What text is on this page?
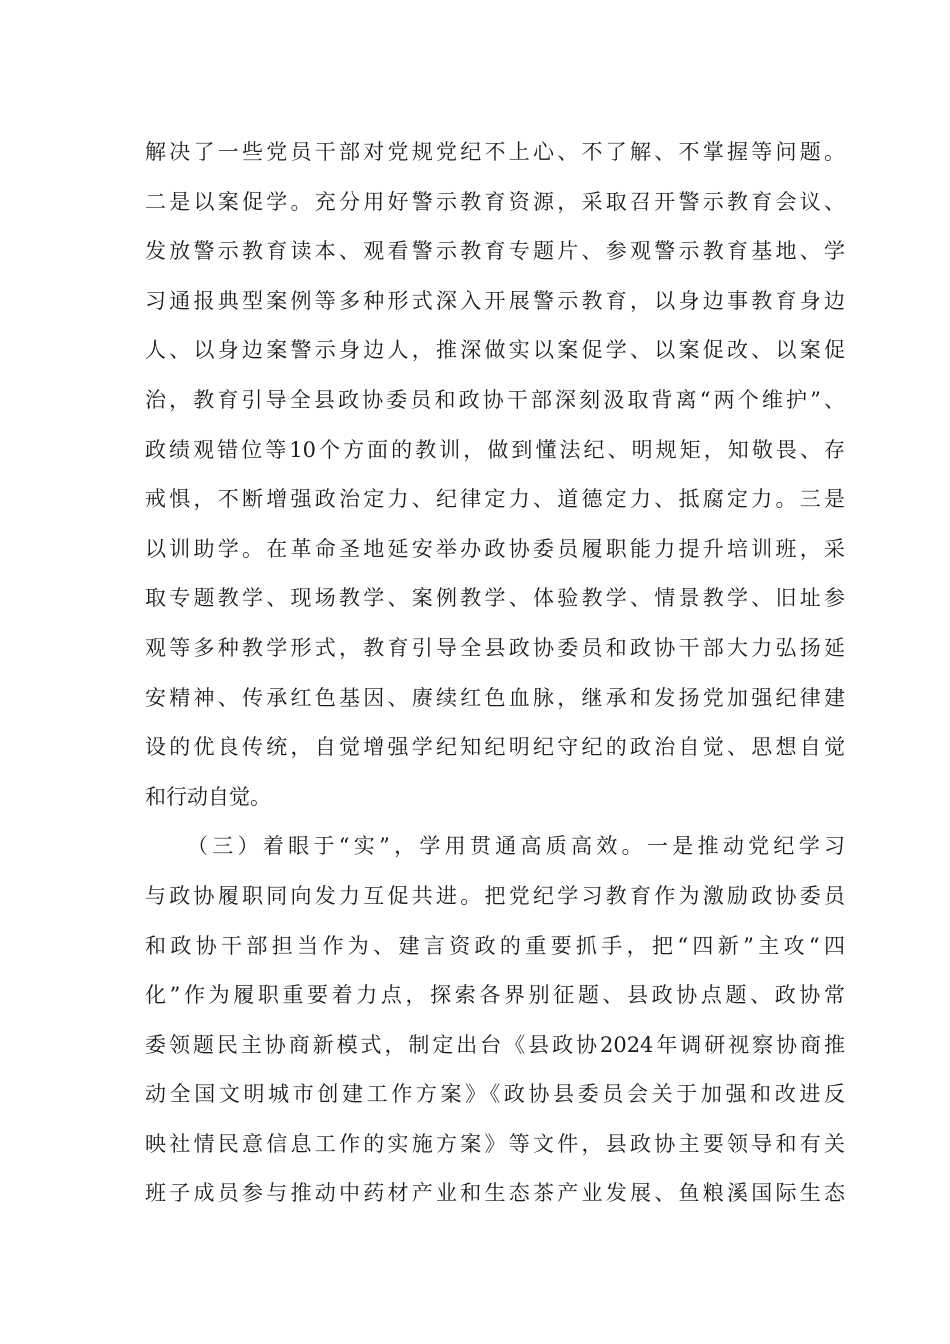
解决了一些党员干部对党规党纪不上心、不了解、不掌握等问题。
二是以案促学。充分用好警示教育资源，采取召开警示教育会议、
发放警示教育读本、观看警示教育专题片、参观警示教育基地、学
习通报典型案例等多种形式深入开展警示教育，以身边事教育身边
人、以身边案警示身边人，推深做实以案促学、以案促改、以案促
治，教育引导全县政协委员和政协干部深刻汲取背离“两个维护”、
政绩观错位等10个方面的教训，做到懂法纪、明规矩，知敬畏、存
戒惧，不断增强政治定力、纪律定力、道德定力、抵腐定力。三是
以训助学。在革命圣地延安举办政协委员履职能力提升培训班，采
取专题教学、现场教学、案例教学、体验教学、情景教学、旧址参
观等多种教学形式，教育引导全县政协委员和政协干部大力弘扬延
安精神、传承红色基因、赓续红色血脉，继承和发扬党加强纪律建
设的优良传统，自觉增强学纪知纪明纪守纪的政治自觉、思想自觉
和行动自觉。
（三）着眼于“实”，学用贯通高质高效。一是推动党纪学习
与政协履职同向发力互促共进。把党纪学习教育作为激励政协委员
和政协干部担当作为、建言资政的重要抓手，把“四新”主攻“四
化”作为履职重要着力点，探索各界别征题、县政协点题、政协常
委领题民主协商新模式，制定出台《县政协2024年调研视察协商推
动全国文明城市创建工作方案》《政协县委员会关于加强和改进反
映社情民意信息工作的实施方案》等文件，县政协主要领导和有关
班子成员参与推动中药材产业和生态茶产业发展、鱼粮溪国际生态
